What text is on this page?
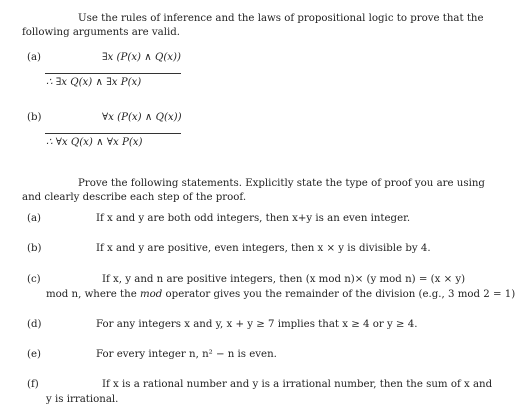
Use the rules of inference and the laws of propositional logic to prove that the
following arguments are valid.
(a)	∃x (P(x) ∧ Q(x))
∴ ∃x Q(x) ∧ ∃x P(x)
(b)	∀x (P(x) ∧ Q(x))
∴ ∀x Q(x) ∧ ∀x P(x)
Prove the following statements. Explicitly state the type of proof you are using
and clearly describe each step of the proof.
(a)	If x and y are both odd integers, then x+y is an even integer.
(b)	If x and y are positive, even integers, then x × y is divisible by 4.
(c)	If x, y and n are positive integers, then (x mod n)× (y mod n) = (x × y)
mod n, where the mod operator gives you the remainder of the division (e.g., 3 mod 2 = 1)
(d)	For any integers x and y, x + y ≥ 7 implies that x ≥ 4 or y ≥ 4.
(e)	For every integer n, n² − n is even.
(f)	If x is a rational number and y is a irrational number, then the sum of x and
y is irrational.
